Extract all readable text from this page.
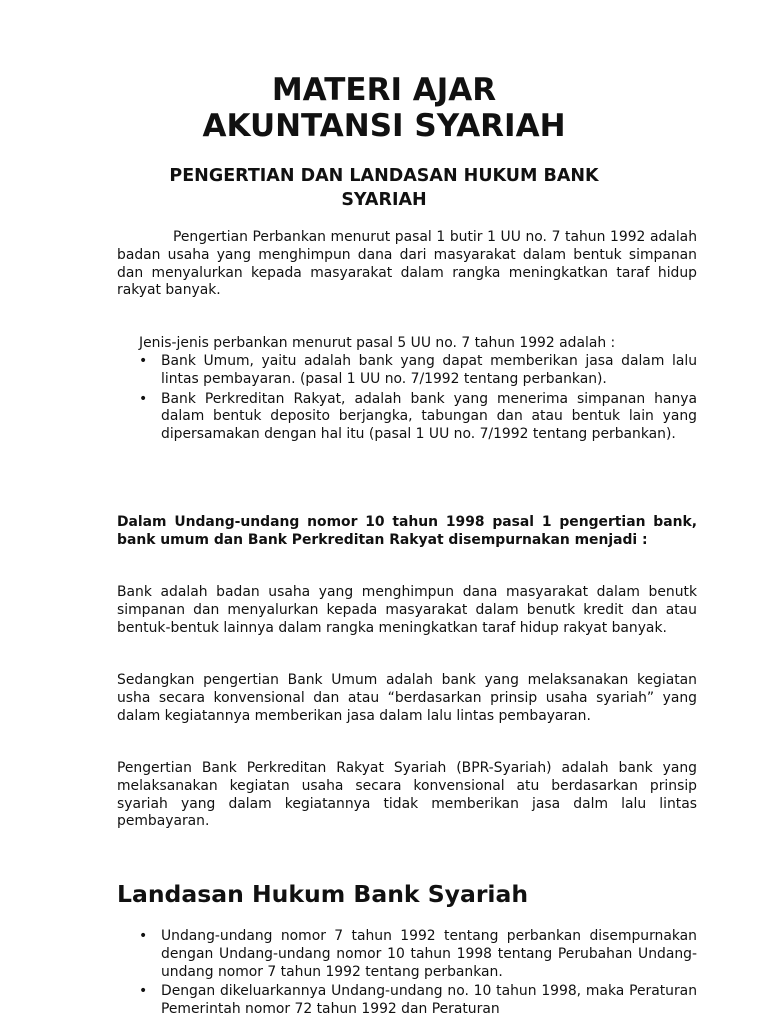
MATERI AJAR
AKUNTANSI SYARIAH
PENGERTIAN DAN LANDASAN HUKUM BANK SYARIAH

Pengertian Perbankan menurut pasal 1 butir 1 UU no. 7 tahun 1992 adalah badan usaha yang menghimpun dana dari masyarakat dalam bentuk simpanan dan menyalurkan kepada masyarakat dalam rangka meningkatkan taraf hidup rakyat banyak.

Jenis-jenis perbankan menurut pasal 5 UU no. 7 tahun 1992 adalah :

• Bank Umum, yaitu adalah bank yang dapat memberikan jasa dalam lalu lintas pembayaran. (pasal 1 UU no. 7/1992 tentang perbankan).
• Bank Perkreditan Rakyat, adalah bank yang menerima simpanan hanya dalam bentuk deposito berjangka, tabungan dan atau bentuk lain yang dipersamakan dengan hal itu (pasal 1 UU no. 7/1992 tentang perbankan).

Dalam Undang-undang nomor 10 tahun 1998 pasal 1 pengertian bank, bank umum dan Bank Perkreditan Rakyat disempurnakan menjadi :

Bank adalah badan usaha yang menghimpun dana masyarakat dalam benutk simpanan dan menyalurkan kepada masyarakat dalam benutk kredit dan atau bentuk-bentuk lainnya dalam rangka meningkatkan taraf hidup rakyat banyak.

Sedangkan pengertian Bank Umum adalah bank yang melaksanakan kegiatan usha secara konvensional dan atau “berdasarkan prinsip usaha syariah” yang dalam kegiatannya memberikan jasa dalam lalu lintas pembayaran.

Pengertian Bank Perkreditan Rakyat Syariah (BPR-Syariah) adalah bank yang melaksanakan kegiatan usaha secara konvensional atu berdasarkan prinsip syariah yang dalam kegiatannya tidak memberikan jasa dalm lalu lintas pembayaran.

Landasan Hukum Bank Syariah
• Undang-undang nomor 7 tahun 1992 tentang perbankan disempurnakan dengan Undang-undang nomor 10 tahun 1998 tentang Perubahan Undang-undang nomor 7 tahun 1992 tentang perbankan.
• Dengan dikeluarkannya Undang-undang no. 10 tahun 1998, maka Peraturan Pemerintah nomor 72 tahun 1992 dan Peraturan
